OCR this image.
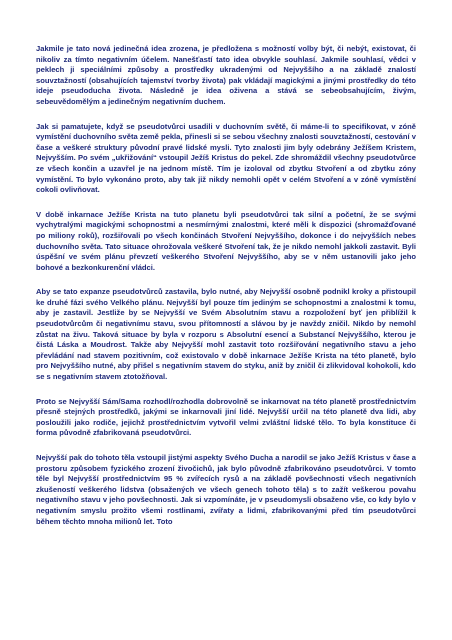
Jakmile je tato nová jedinečná idea zrozena, je předložena s možností volby být, či nebýt, existovat, či nikoliv za tímto negativním účelem. Nanešťastí tato idea obvykle souhlasí. Jakmile souhlasí, vědci v peklech ji speciálními způsoby a prostředky ukradenými od Nejvyššího a na základě znalostí souvztažností (obsahujících tajemství tvorby života) pak vkládají magickými a jinými prostředky do této ideje pseudoducha života. Následně je idea oživena a stává se sebeobsahujícím, živým, sebeuvědomělým a jedinečným negativním duchem.

Jak si pamatujete, když se pseudotvůrci usadili v duchovním světě, či máme-li to specifikovat, v zóně vymístění duchovního světa země pekla, přinesli si se sebou všechny znalosti souvztažností, cestování v čase a veškeré struktury původní pravé lidské mysli. Tyto znalosti jim byly odebrány Ježíšem Kristem, Nejvyšším. Po svém „ukřižování“ vstoupil Ježíš Kristus do pekel. Zde shromáždil všechny pseudotvůrce ze všech končin a uzavřel je na jednom místě. Tím je izoloval od zbytku Stvoření a od zbytku zóny vymístění. To bylo vykonáno proto, aby tak již nikdy nemohli opět v celém Stvoření a v zóně vymístění cokoli ovlivňovat.

V době inkarnace Ježíše Krista na tuto planetu byli pseudotvůrci tak silní a početní, že se svými vychytralými magickými schopnostmi a nesmírnými znalostmi, které měli k dispozici (shromažďované po miliony roků), rozšiřovali po všech končinách Stvoření Nejvyššího, dokonce i do nejvyšších nebes duchovního světa. Tato situace ohrožovala veškeré Stvoření tak, že je nikdo nemohl jakkoli zastavit. Byli úspěšní ve svém plánu převzetí veškerého Stvoření Nejvyššího, aby se v něm ustanovili jako jeho bohové a bezkonkurenční vládci.

Aby se tato expanze pseudotvůrců zastavila, bylo nutné, aby Nejvyšší osobně podnikl kroky a přistoupil ke druhé fázi svého Velkého plánu. Nejvyšší byl pouze tím jediným se schopnostmi a znalostmi k tomu, aby je zastavil. Jestliže by se Nejvyšší ve Svém Absolutním stavu a rozpoložení byť jen přiblížil k pseudotvůrcům či negativnímu stavu, svou přítomností a slávou by je navždy zničil. Nikdo by nemohl zůstat na živu. Taková situace by byla v rozporu s Absolutní esencí a Substancí Nejvyššího, kterou je čistá Láska a Moudrost. Takže aby Nejvyšší mohl zastavit toto rozšiřování negativního stavu a jeho převládání nad stavem pozitivním, což existovalo v době inkarnace Ježíše Krista na této planetě, bylo pro Nejvyššího nutné, aby přišel s negativním stavem do styku, aniž by zničil či zlikvidoval kohokoli, kdo se s negativním stavem ztotožňoval.

Proto se Nejvyšší Sám/Sama rozhodl/rozhodla dobrovolně se inkarnovat na této planetě prostřednictvím přesně stejných prostředků, jakými se inkarnovali jiní lidé. Nejvyšší určil na této planetě dva lidi, aby posloužili jako rodiče, jejichž prostřednictvím vytvořil velmi zvláštní lidské tělo. To byla konstituce či forma původně zfabrikovaná pseudotvůrci.

Nejvyšší pak do tohoto těla vstoupil jistými aspekty Svého Ducha a narodil se jako Ježíš Kristus v čase a prostoru způsobem fyzického zrození živočichů, jak bylo původně zfabrikováno pseudotvůrci. V tomto těle byl Nejvyšší prostřednictvím 95 % zvířecích rysů a na základě povšechnosti všech negativních zkušeností veškerého lidstva (obsažených ve všech genech tohoto těla) s to zažít veškerou povahu negativního stavu v jeho povšechnosti. Jak si vzpomínáte, je v pseudomysli obsaženo vše, co kdy bylo v negativním smyslu prožito všemi rostlinami, zvířaty a lidmi, zfabrikovanými před tím pseudotvůrci během těchto mnoha milionů let. Toto
